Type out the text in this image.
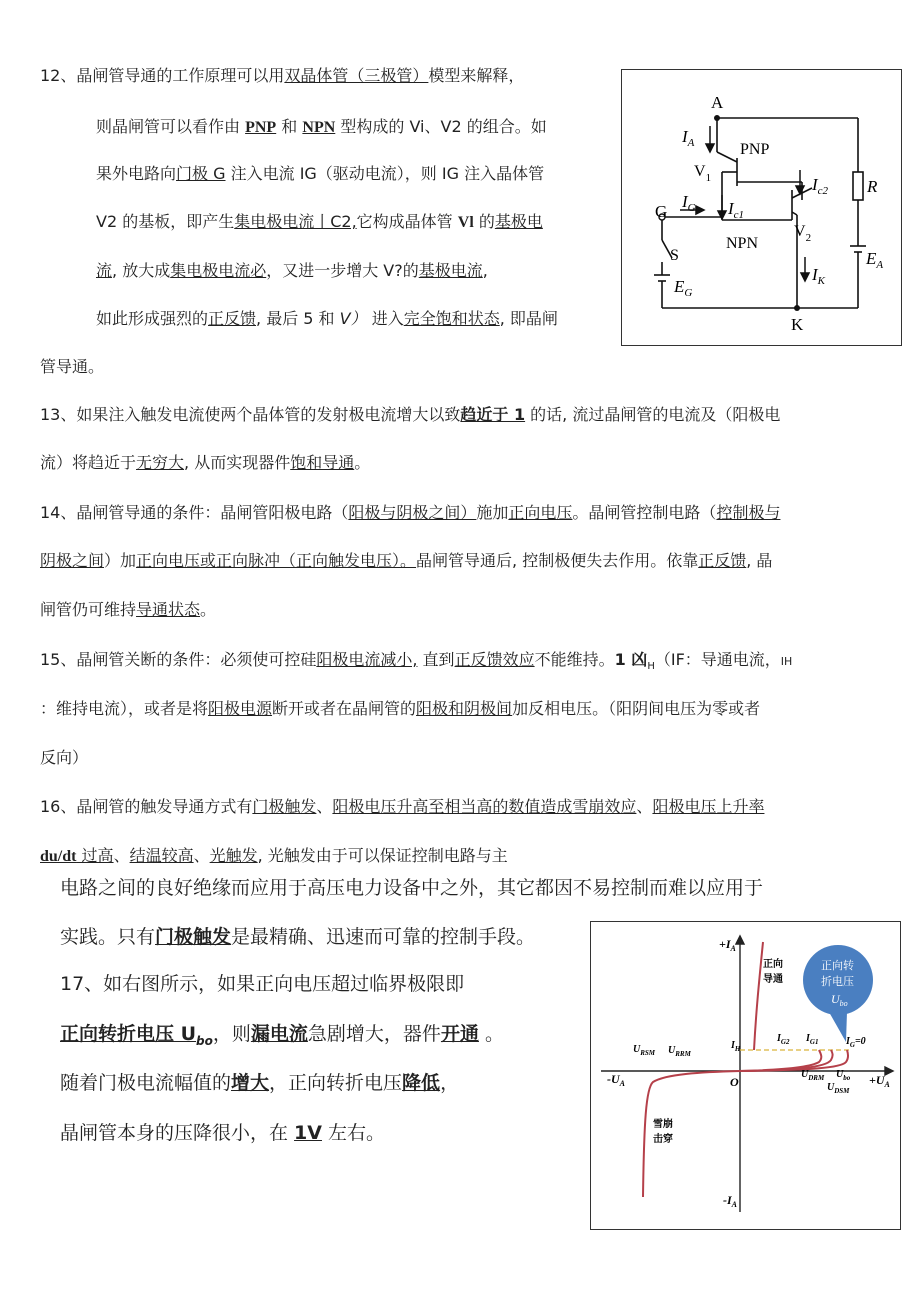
12、晶闸管导通的工作原理可以用双晶体管（三极管）模型来解释，
则晶闸管可以看作由 PNP 和 NPN 型构成的 Vi、V2 的组合。如
果外电路向门极 G 注入电流 IG（驱动电流），则 IG 注入晶体管
V2 的基板，即产生集电极电流丨C2,它构成晶体管 Vl 的基极电
流, 放大成集电极电流必，又进一步增大 V?的基极电流,
如此形成强烈的正反馈, 最后 5 和 V） 进入完全饱和状态, 即晶闸
管导通。
A
$I_A$	PNP
$V_1$	$I_{c2}$ R
G
$I_G$ $I_{c1}$
NPN
$V_2$
S	$E_A$
$I_K$
$E_G$
K
13、如果注入触发电流使两个晶体管的发射极电流增大以致趋近于 1 的话, 流过晶闸管的电流及（阳极电
流）将趋近于无穷大, 从而实现器件饱和导通。
14、晶闸管导通的条件：晶闸管阳极电路（阳极与阴极之间）施加正向电压。晶闸管控制电路（控制极与
阴极之间）加正向电压或正向脉冲（正向触发电压）。晶闸管导通后, 控制极便失去作用。依靠正反馈, 晶
闸管仍可维持导通状态。
15、晶闸管关断的条件：必须使可控硅阳极电流减小, 直到正反馈效应不能维持。1 凶$_H$（IF：导通电流，IH
：维持电流），或者是将阳极电源断开或者在晶闸管的阳极和阴极间加反相电压。（阳阴间电压为零或者
反向）
16、晶闸管的触发导通方式有门极触发、阳极电压升高至相当高的数值造成雪崩效应、阳极电压上升率
du/dt 过高、结温较高、光触发, 光触发由于可以保证控制电路与主
电路之间的良好绝缘而应用于高压电力设备中之外，其它都因不易控制而难以应用于
实践。只有门极触发是最精确、迅速而可靠的控制手段。
17、如右图所示，如果正向电压超过临界极限即
正向转折电压 $U_{bo}$，则漏电流急剧增大，器件开通 。
随着门极电流幅值的增大，正向转折电压降低，
晶闸管本身的压降很小，在 1V 左右。
正向转
折电压
$U_{bo}$
$+I_A$
$-I_A$
$+U_A$
$-U_A$
正向
导通
$U_{RSM}$ $U_{RRM}$
$I_H$
$I_{G2}$ $I_{G1}$	$I_G=0$
O
$U_{DRM}$ $U_{bo}$
$U_{DSM}$
雪崩
击穿
